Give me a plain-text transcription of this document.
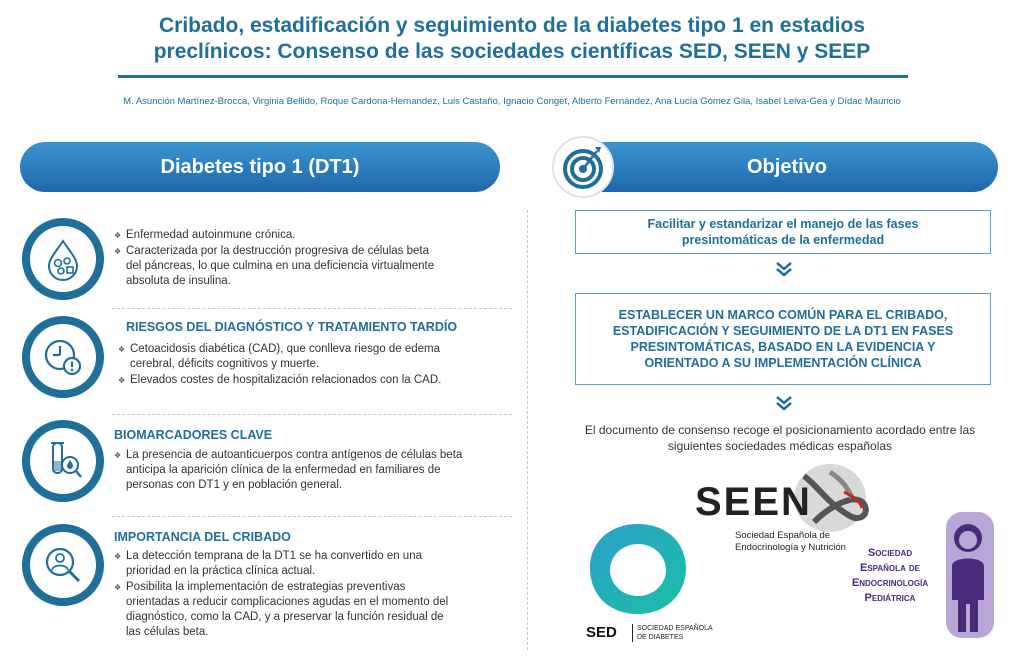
Cribado, estadificación y seguimiento de la diabetes tipo 1 en estadios
preclínicos: Consenso de las sociedades científicas SED, SEEN y SEEP
M. Asunción Martínez-Brocca, Virginia Bellido, Roque Cardona-Hernandez, Luis Castaño, Ignacio Conget, Alberto Fernández, Ana Lucía Gómez Gila, Isabel Leiva-Gea y Dídac Mauricio
Diabetes tipo 1 (DT1)	Objetivo
❖ Enfermedad autoinmune crónica.
❖ Caracterizada por la destrucción progresiva de células beta del páncreas, lo que culmina en una deficiencia virtualmente absoluta de insulina.
RIESGOS DEL DIAGNÓSTICO Y TRATAMIENTO TARDÍO
❖ Cetoacidosis diabética (CAD), que conlleva riesgo de edema cerebral, déficits cognitivos y muerte.
❖ Elevados costes de hospitalización relacionados con la CAD.
BIOMARCADORES CLAVE
❖ La presencia de autoanticuerpos contra antígenos de células beta anticipa la aparición clínica de la enfermedad en familiares de personas con DT1 y en población general.
IMPORTANCIA DEL CRIBADO
❖ La detección temprana de la DT1 se ha convertido en una prioridad en la práctica clínica actual.
❖ Posibilita la implementación de estrategias preventivas orientadas a reducir complicaciones agudas en el momento del diagnóstico, como la CAD, y a preservar la función residual de las células beta.
Facilitar y estandarizar el manejo de las fases presintomáticas de la enfermedad
ESTABLECER UN MARCO COMÚN PARA EL CRIBADO, ESTADIFICACIÓN Y SEGUIMIENTO DE LA DT1 EN FASES PRESINTOMÁTICAS, BASADO EN LA EVIDENCIA Y ORIENTADO A SU IMPLEMENTACIÓN CLÍNICA
El documento de consenso recoge el posicionamiento acordado entre las siguientes sociedades médicas españolas
SEEN
Sociedad Española de
Endocrinología y Nutrición
SED	SOCIEDAD ESPAÑOLA
DE DIABETES
Sociedad
Española de
Endocrinología
Pediátrica
